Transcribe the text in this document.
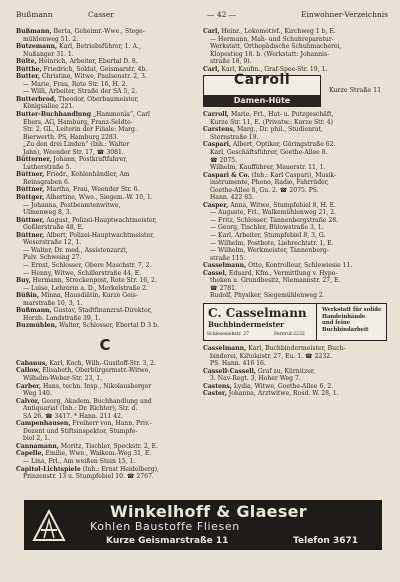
Bußmann	Casser	— 42 —	Einwohner-Verzeichnis
Bußmann, Berta, Geheimr.-Wwe., Stege-
mühlenweg 51. 2.
Butzemann, Karl, Betriebsführer, 1. A.,
Nußanger 31. 1.
Bülte, Heinrich, Arbeiter, Ebertal D. 8.
Bütthe, Friedrich, Soldat, Geismarstr. 4b.
Butter, Christine, Witwe, Paulsenstr. 2, 3.
— Marie, Frau, Rote Str. 16, H. 2.
— Willi, Arbeiter, Straße der SA 5, 2.
Butterbrod, Theodor, Oberbaumeister,
Königsallee 221.
Butter-Buchhandlung „Hammonia“, Carl
Ebers, AG, Hamburg, Franz-Seldte-
Str. 2. GL, Leiterin der Filiale: Marg.
Bierwerth. PS, Hamburg 2283.
„Zu den drei Linden“ (Inh.: Walter
Jahn), Weender Str. 17, ☎ 3081.
Bütterner, Johann, Postkraftfahrer,
Lutherstraße 5.
Büttner, Friedr., Kohlenhändler, Am
Reinsgraben 6.
Büttner, Martha, Frau, Weender Str. 6.
Büttger, Albertine, Wwe., Siegem.-W. 10, 1.
— Johanna, Postbeamtenwitwe,
Ulmenweg 8, 3.
Büttner, August, Polizei-Hauptwachtmeister,
Goßlerstraße 48, E.
Büttner, Albert, Polizei-Hauptwachtmeister,
Weserstraße 12, 1.
— Walter, Dr. med., Assistenzarzt,
Pulv. Schweing 27.
— Ernst, Schlosser, Obere Maschstr. 7, 2.
— Henny, Witwe, Schillerstraße 44, E.
Buy, Hermann, Streckenpost, Rote Str. 16, 2.
— Luise, Lehrerin a. D., Merkelstraße 2.
Büßin, Minna, Hausdiätin, Kurze Geis-
marstraße 10, 3, 1.
Bußmann, Gustav, Stadtfinanzrat-Direktor,
Herzb. Landstraße 39, 1.
Buzmühlen, Walter, Schlosser, Ebertal D 3 b.
C
Cabanus, Karl, Koch, Wilh.-Gustloff-Str. 3, 2.
Callow, Elisabeth, Oberbürgermstr.-Witwe,
Wilhelm-Weber-Str. 23, 1.
Carber, Hans, techn. Insp., Nikolausberger
Weg 140.
Calvör, Georg, Akadem. Buchhandlung und
Antiquariat (Inh.: Dr. Richter), Str. d.
SA 26. ☎ 3417. * Hann. 211 42.
Campenhausen, Freiherr von, Hann. Priv.-
Dozent und Stiftsinspektor, Stumpfe-
biel 2, 1.
Cannamann, Moritz, Tischler, Speckstr. 2, E.
Capelle, Emilie, Wwe., Walkem.-Weg 31, E.
— Lina, Frl., Am weißen Stein 15, 1.
Capitol-Lichtspiele (Inh.: Ernst Heidelberg),
Prinzenstr. 13 u. Stumpfebiel 10. ☎ 2767.
Carl, Heinr., Lokomotivf., Kirchweg 1 b, E.
— Hermann, Mah- und Schuhreparatur-
Werkstatt, Orthopädische Schuhmacherei,
Klopestieg 18. b. (Werkstatt: Johannis-
straße 18, 9).
Carl, Karl, Kaufm., Graf-Spee-Str. 19, 1.
Carroll
Damen-Hüte
Kurze Straße 11
Carroll, Marie, Frl., Hut- u. Putzgeschäft,
Kurze Str. 11, E. (Privatw.: Kurze Str. 4)
Carstens, Marg., Dr. phil., Studienrat,
Sternstraße 19.
Caspari, Albert, Optiker, Göringstraße 62.
Karl, Geschäftsführer, Goethe-Allee 8.
☎ 2075.
Wilhelm, Kaufführer, Mauerstr. 11, 1.
Caspari & Co. (Inh.: Karl Caspari), Musik-
instrumente, Phono, Radio, Fahrräder,
Goethe-Allee 8, Gu. 2. ☎ 2075. PS.
Hann. 422 85.
Casper, Anna, Witwe, Stumpfebiel 8, H. E.
— Auguste, Frl., Walkemühlenweg 21, 2.
— Fritz, Schlosser, Tannenbergstraße 28.
— Georg, Tischler, Bülowstraße 3, 1.
— Karl, Arbeiter, Stumpfebiel 8, 3, G.
— Wilhelm, Postbote, Liebrechtstr. 1, E.
— Wilhelm, Werkmeister, Tannenberg-
straße 115.
Casselmann, Otto, Kontrolleur, Schlewiesie 11.
Cassel, Eduard, Kfm., Vermittlung v. Hypo-
theken u. Grundbesitz, Niemannstr. 27, E.
☎ 2781.
Rudolf, Physiker, Siegemühlenweg 2.
C. Casselmann
Buchbindermeister
Schiesesiekstr. 27	Fernruf 2232
Werkstatt für solide
Handeinbände
und feine
Buchbindarbeit
Casselmann, Karl, Buchbindermeister, Buch-
binderei, Kiltolaistr. 27, Eu. 1. ☎ 2232.
PS. Hann. 416 16.
Cassell-Cassell, Graf zu, Kürnitzer,
3. Nav-Regt. 3, Hoher Weg 7.
Castens, Lydia, Witwe, Goethe-Allee 6, 2.
Caster, Johanna, Arztwitwe, Rosd. W. 28, 1.
Winkelhoff & Glaeser
Kohlen Baustoffe Fliesen
Kurze Geismarstraße 11	Telefon 3671
